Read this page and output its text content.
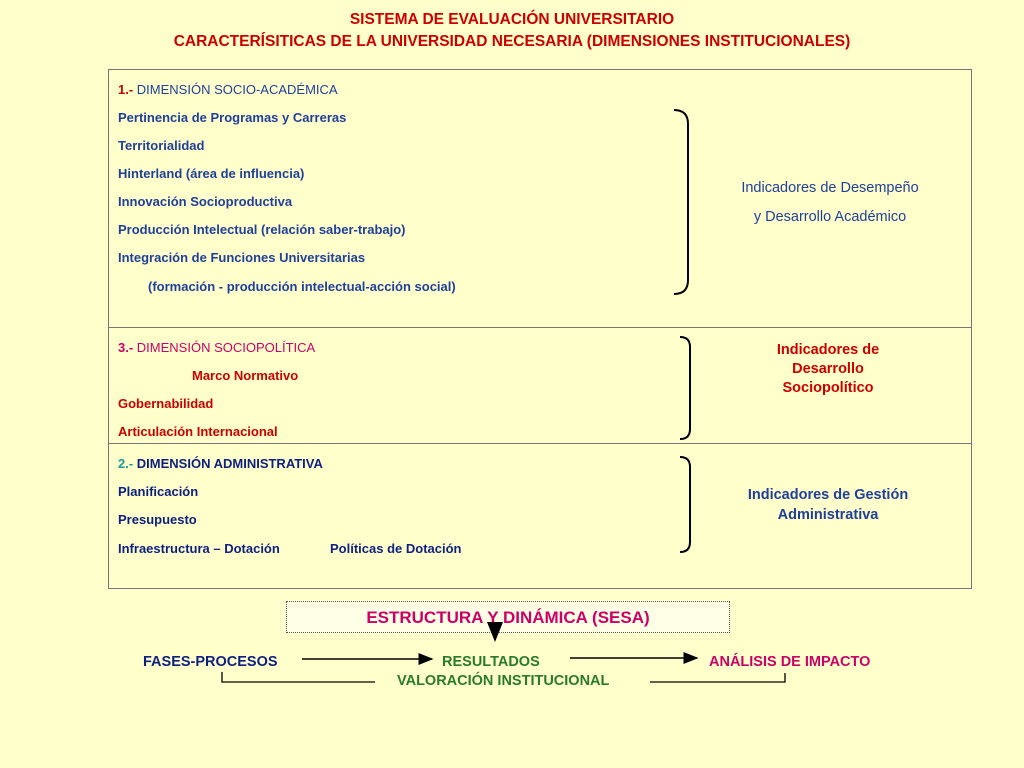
SISTEMA DE EVALUACIÓN UNIVERSITARIO
CARACTERÍSITICAS DE LA UNIVERSIDAD NECESARIA (DIMENSIONES INSTITUCIONALES)
1.- DIMENSIÓN SOCIO-ACADÉMICA
Pertinencia de Programas y Carreras
Territorialidad
Hinterland (área de influencia)
Innovación Socioproductiva
Producción Intelectual (relación saber-trabajo)
Integración de Funciones Universitarias
(formación - producción intelectual-acción social)
Indicadores de Desempeño
y Desarrollo Académico
3.- DIMENSIÓN SOCIOPOLÍTICA
Marco Normativo
Gobernabilidad
Articulación Internacional
Indicadores de
Desarrollo
Sociopolítico
2.- DIMENSIÓN ADMINISTRATIVA
Planificación
Presupuesto
Infraestructura – Dotación	Políticas de Dotación
Indicadores de Gestión
Administrativa
ESTRUCTURA Y DINÁMICA (SESA)
FASES-PROCESOS	RESULTADOS	ANÁLISIS DE IMPACTO
VALORACIÓN INSTITUCIONAL
